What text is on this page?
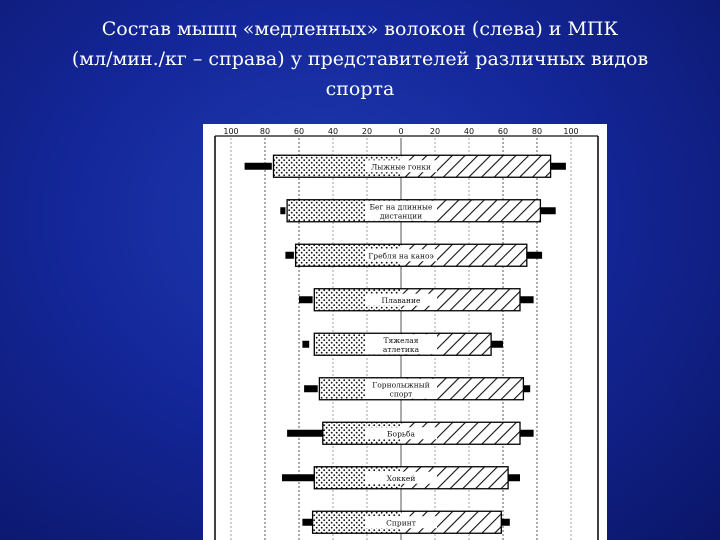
Состав мышц «медленных» волокон (слева) и МПК
(мл/мин./кг – справа) у представителей различных видов
спорта
100	80	60	40	20	0	20	40	60	80	100
Лыжные гонки
Бег на длинные
дистанции
Гребля на каноэ
Плавание
Тяжелая
атлетика
Горнолыжный
спорт
Борьба
Хоккей
Спринт
